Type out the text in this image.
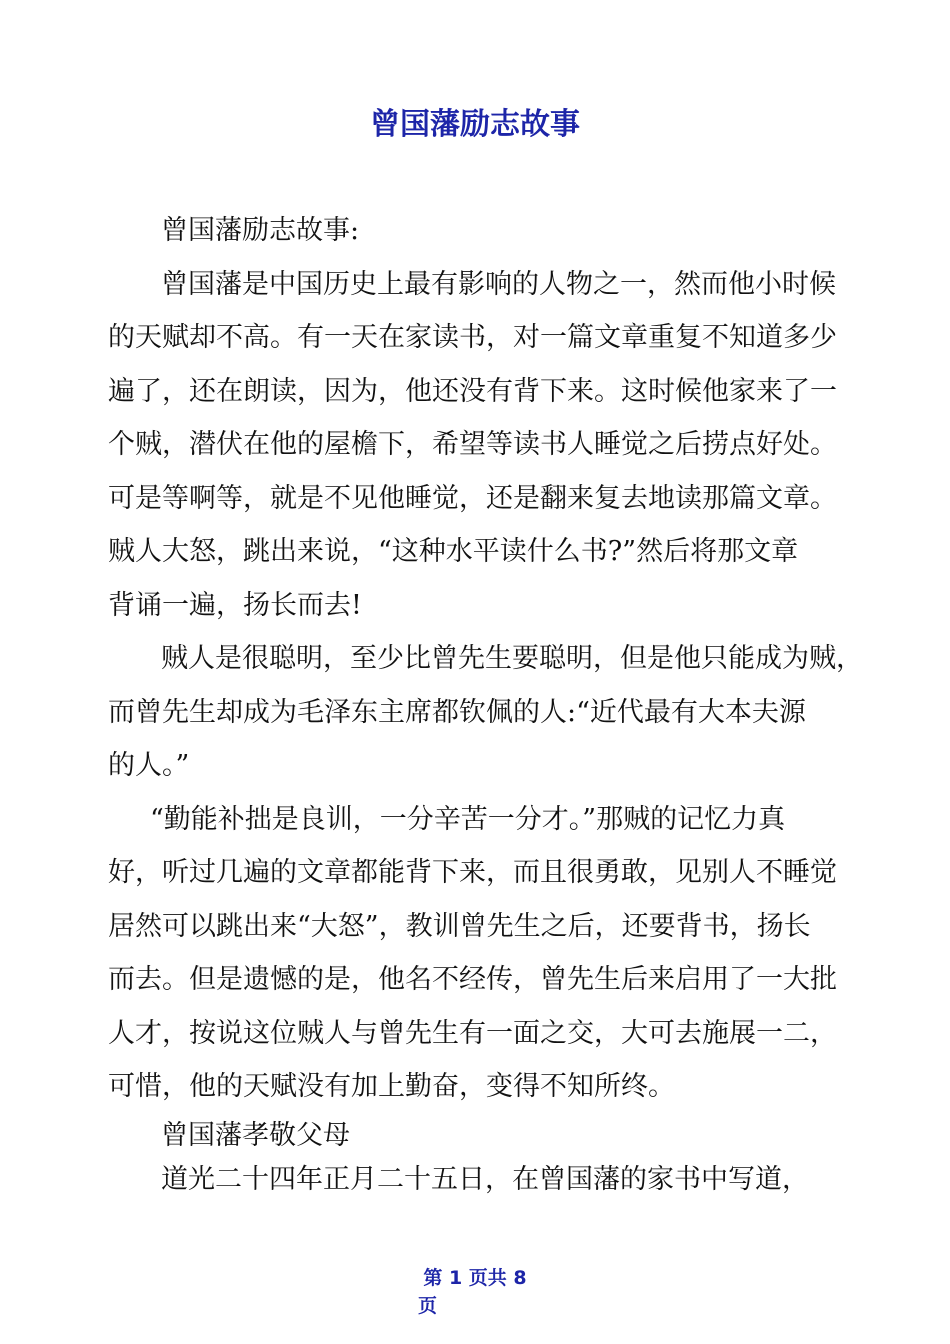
曾国藩励志故事
曾国藩励志故事:
曾国藩是中国历史上最有影响的人物之一，然而他小时候
的天赋却不高。有一天在家读书，对一篇文章重复不知道多少
遍了，还在朗读，因为，他还没有背下来。这时候他家来了一
个贼，潜伏在他的屋檐下，希望等读书人睡觉之后捞点好处。
可是等啊等，就是不见他睡觉，还是翻来复去地读那篇文章。
贼人大怒，跳出来说，“这种水平读什么书?”然后将那文章
背诵一遍，扬长而去!
贼人是很聪明，至少比曾先生要聪明，但是他只能成为贼，
而曾先生却成为毛泽东主席都钦佩的人:“近代最有大本夫源
的人。”
“勤能补拙是良训，一分辛苦一分才。”那贼的记忆力真
好，听过几遍的文章都能背下来，而且很勇敢，见别人不睡觉
居然可以跳出来“大怒”，教训曾先生之后，还要背书，扬长
而去。但是遗憾的是，他名不经传，曾先生后来启用了一大批
人才，按说这位贼人与曾先生有一面之交，大可去施展一二，
可惜，他的天赋没有加上勤奋，变得不知所终。
曾国藩孝敬父母
道光二十四年正月二十五日，在曾国藩的家书中写道，
第 1 页共 8
页
